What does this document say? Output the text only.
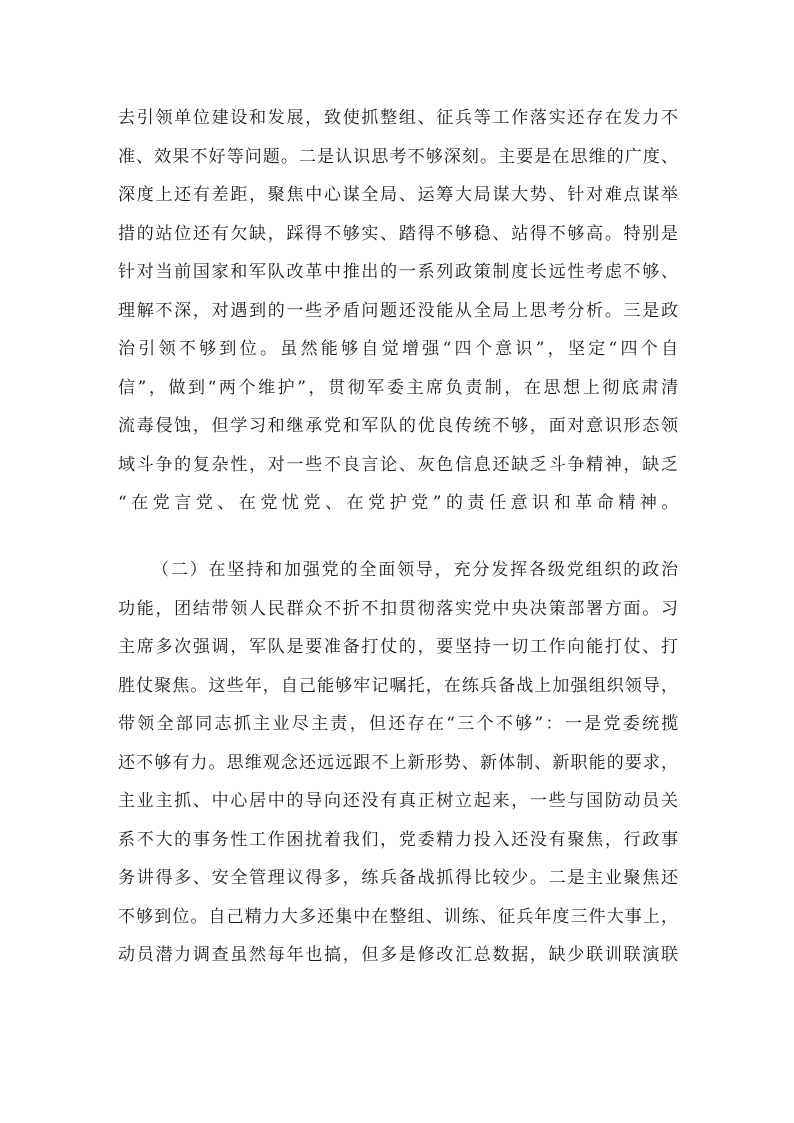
去引领单位建设和发展，致使抓整组、征兵等工作落实还存在发力不
准、效果不好等问题。二是认识思考不够深刻。主要是在思维的广度、
深度上还有差距，聚焦中心谋全局、运筹大局谋大势、针对难点谋举
措的站位还有欠缺，踩得不够实、踏得不够稳、站得不够高。特别是
针对当前国家和军队改革中推出的一系列政策制度长远性考虑不够、
理解不深，对遇到的一些矛盾问题还没能从全局上思考分析。三是政
治引领不够到位。虽然能够自觉增强“四个意识”，坚定“四个自
信”，做到“两个维护”，贯彻军委主席负责制，在思想上彻底肃清
流毒侵蚀，但学习和继承党和军队的优良传统不够，面对意识形态领
域斗争的复杂性，对一些不良言论、灰色信息还缺乏斗争精神，缺乏
“在党言党、在党忧党、在党护党”的责任意识和革命精神。
（二）在坚持和加强党的全面领导，充分发挥各级党组织的政治
功能，团结带领人民群众不折不扣贯彻落实党中央决策部署方面。习
主席多次强调，军队是要准备打仗的，要坚持一切工作向能打仗、打
胜仗聚焦。这些年，自己能够牢记嘱托，在练兵备战上加强组织领导，
带领全部同志抓主业尽主责，但还存在“三个不够”：一是党委统揽
还不够有力。思维观念还远远跟不上新形势、新体制、新职能的要求，
主业主抓、中心居中的导向还没有真正树立起来，一些与国防动员关
系不大的事务性工作困扰着我们，党委精力投入还没有聚焦，行政事
务讲得多、安全管理议得多，练兵备战抓得比较少。二是主业聚焦还
不够到位。自己精力大多还集中在整组、训练、征兵年度三件大事上，
动员潜力调查虽然每年也搞，但多是修改汇总数据，缺少联训联演联
